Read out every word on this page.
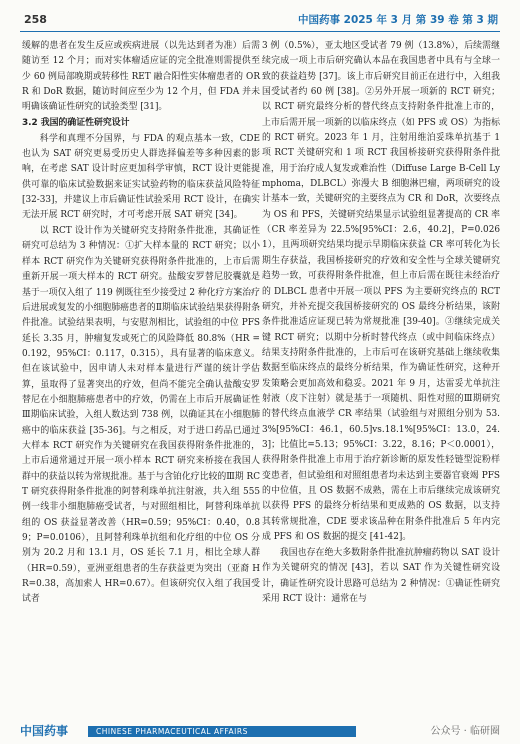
258	中国药事 2025 年 3 月 第 39 卷 第 3 期

缓解的患者在发生反应或疾病进展（以先达到者为准）后需随访至 12 个月；而对实体瘤适应证的完全批准则需提供至少 60 例局部晚期或转移性 RET 融合阳性实体瘤患者的 ORR 和 DoR 数据，随访时间应至少为 12 个月，但 FDA 并未明确该确证性研究的试验类型 [31]。

3.2 我国的确证性研究设计

科学和真理不分国界，与 FDA 的观点基本一致，CDE 也认为 SAT 研究更易受历史人群选择偏差等多种因素的影响，在考虑 SAT 设计时应更加科学审慎，RCT 设计更能提供可靠的临床试验数据来证实试验药物的临床获益风险特征 [32-33]，并建议上市后确证性试验采用 RCT 设计，在确实无法开展 RCT 研究时，才可考虑开展 SAT 研究 [34]。

以 RCT 设计作为关键研究支持附条件批准，其确证性研究可总结为 3 种情况：①扩大样本量的 RCT 研究；以小样本 RCT 研究作为关键研究获得附条件批准的，上市后需重新开展一项大样本的 RCT 研究。盐酸安罗替尼胶囊就是基于一项仅入组了 119 例既往至少接受过 2 种化疗方案治疗后进展或复发的小细胞肺癌患者的Ⅱ期临床试验结果获得附条件批准。试验结果表明，与安慰剂相比，试验组的中位 PFS 延长 3.35 月，肿瘤复发或死亡的风险降低 80.8%（HR = 0.192，95%CI：0.117，0.315），具有显著的临床意义。但在该试验中，因申请人未对样本量进行严谨的统计学估算，虽取得了显著突出的疗效，但尚不能完全确认盐酸安罗替尼在小细胞肺癌患者中的疗效，仍需在上市后开展确证性Ⅲ期临床试验，入组人数达到 738 例，以确证其在小细胞肺癌中的临床获益 [35-36]。与之相反，对于进口药品已通过大样本 RCT 研究作为关键研究在我国获得附条件批准的，上市后通常通过开展一项小样本 RCT 研究来桥接在我国人群中的获益以转为常规批准。基于与含铂化疗比较的Ⅲ期 RCT 研究获得附条件批准的阿替利珠单抗注射液，共入组 555 例一线非小细胞肺癌受试者，与对照组相比，阿替利珠单抗组的 OS 获益显著改善（HR=0.59；95%CI：0.40，0.89；P=0.0106），且阿替利珠单抗组和化疗组的中位 OS 分别为 20.2 月和 13.1 月，OS 延长 7.1 月，相比全球人群（HR=0.59），亚洲亚组患者的生存获益更为突出（亚裔 HR=0.38，高加索人 HR=0.67）。但该研究仅入组了我国受试者

3 例（0.5%），亚太地区受试者 79 例（13.8%），后续需继续完成一项上市后研究确认本品在我国患者中具有与全球一致的获益趋势 [37]。该上市后研究目前正在进行中，入组我国受试者约 60 例 [38]。②另外开展一项新的 RCT 研究；以 RCT 研究最终分析的替代终点支持附条件批准上市的，上市后需开展一项新的以临床终点（如 PFS 或 OS）为指标的 RCT 研究。2023 年 1 月，注射用维泊妥珠单抗基于 1 项 RCT 关键研究和 1 项 RCT 我国桥接研究获得附条件批准，用于治疗成人复发或难治性（Diffuse Large B-Cell Lymphoma，DLBCL）弥漫大 B 细胞淋巴瘤，两项研究的设计基本一致，关键研究的主要终点为 CR 和 DoR，次要终点为 OS 和 PFS，关键研究结果显示试验组显著提高的 CR 率（CR 率差异为 22.5%[95%CI：2.6，40.2]，P=0.0261），且两项研究结果均提示早期临床获益 CR 率可转化为长期生存获益，我国桥接研究的疗效和安全性与全球关键研究趋势一致，可获得附条件批准，但上市后需在既往未经治疗的 DLBCL 患者中开展一项以 PFS 为主要研究终点的 RCT 研究，并补充提交我国桥接研究的 OS 最终分析结果，该附条件批准适应证现已转为常规批准 [39-40]。③继续完成关键 RCT 研究；以期中分析时替代终点（或中间临床终点）结果支持附条件批准的，上市后可在该研究基础上继续收集数据至临床终点的最终分析结果，作为确证性研究，这种开发策略会更加高效和稳妥。2021 年 9 月，达雷妥尤单抗注射液（皮下注射）就是基于一项随机、阳性对照的Ⅲ期研究的替代终点血液学 CR 率结果（试验组与对照组分别为 53.3%[95%CI：46.1，60.5]vs.18.1%[95%CI：13.0，24.3]；比值比=5.13；95%CI：3.22，8.16；P＜0.0001），获得附条件批准上市用于治疗新诊断的原发性轻链型淀粉样变患者，但试验组和对照组患者均未达到主要器官衰竭 PFS 的中位值，且 OS 数据不成熟，需在上市后继续完成该研究以获得 PFS 的最终分析结果和更成熟的 OS 数据，以支持其转常规批准，CDE 要求该品种在附条件批准后 5 年内完成 PFS 和 OS 数据的提交 [41-42]。

我国也存在绝大多数附条件批准抗肿瘤药物以 SAT 设计作为关键研究的情况 [43]，若以 SAT 作为关键性研究设计，确证性研究设计思路可总结为 2 种情况：①确证性研究采用 RCT 设计：通常在与

中国药事	CHINESE PHARMACEUTICAL AFFAIRS	公众号 · 临研圈
